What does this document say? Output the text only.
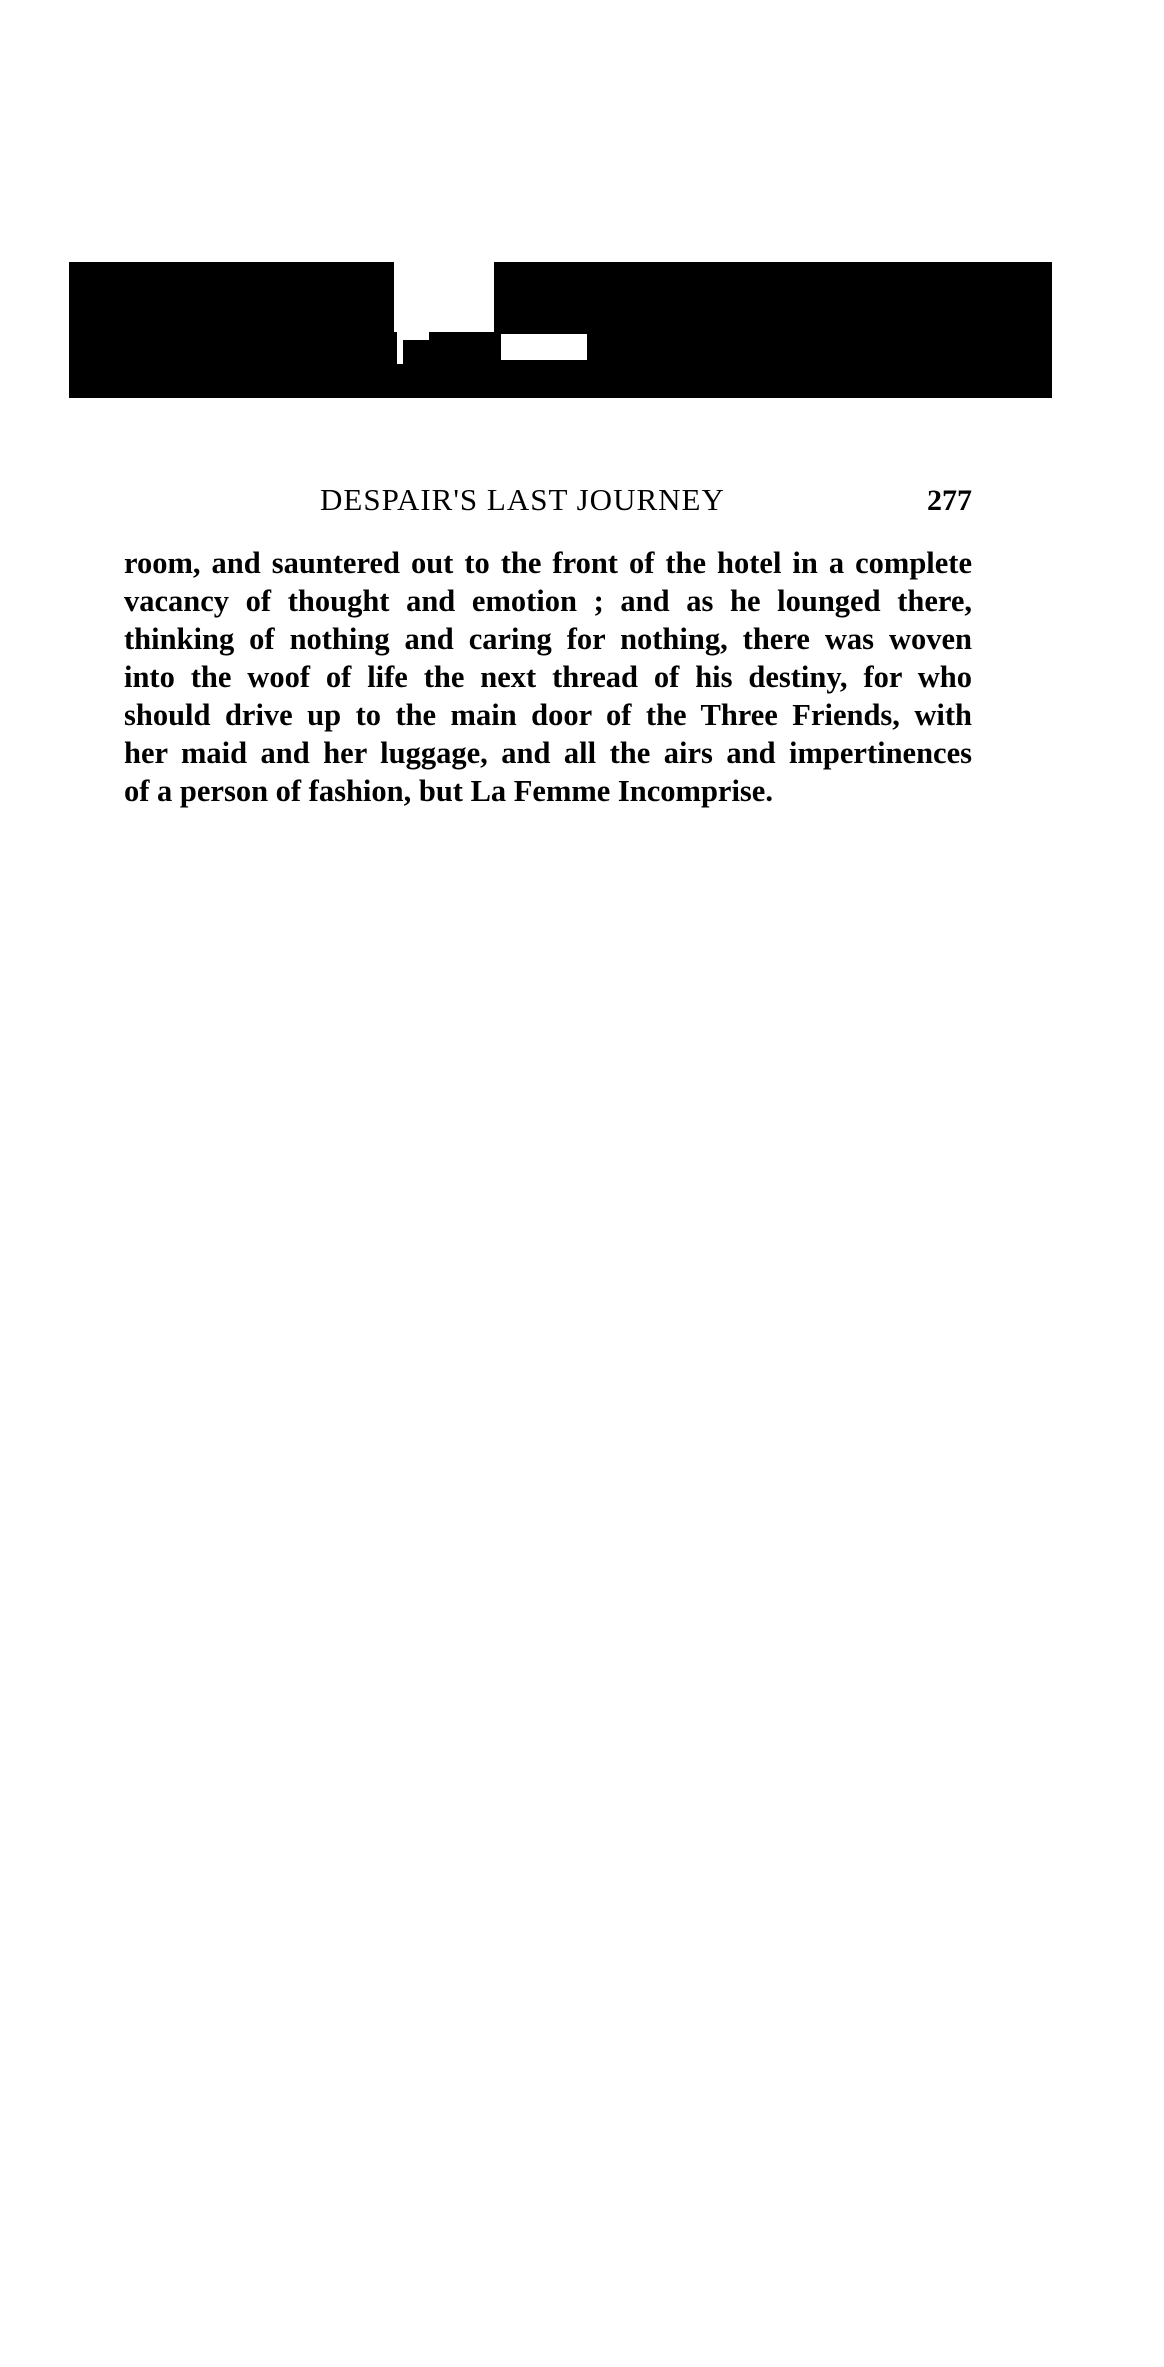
DESPAIR'S LAST JOURNEY	277
room, and sauntered out to the front of the hotel in a complete
vacancy of thought and emotion ; and as he lounged there,
thinking of nothing and caring for nothing, there was woven
into the woof of life the next thread of his destiny, for who
should drive up to the main door of the Three Friends, with
her maid and her luggage, and all the airs and impertinences
of a person of fashion, but La Femme Incomprise.
